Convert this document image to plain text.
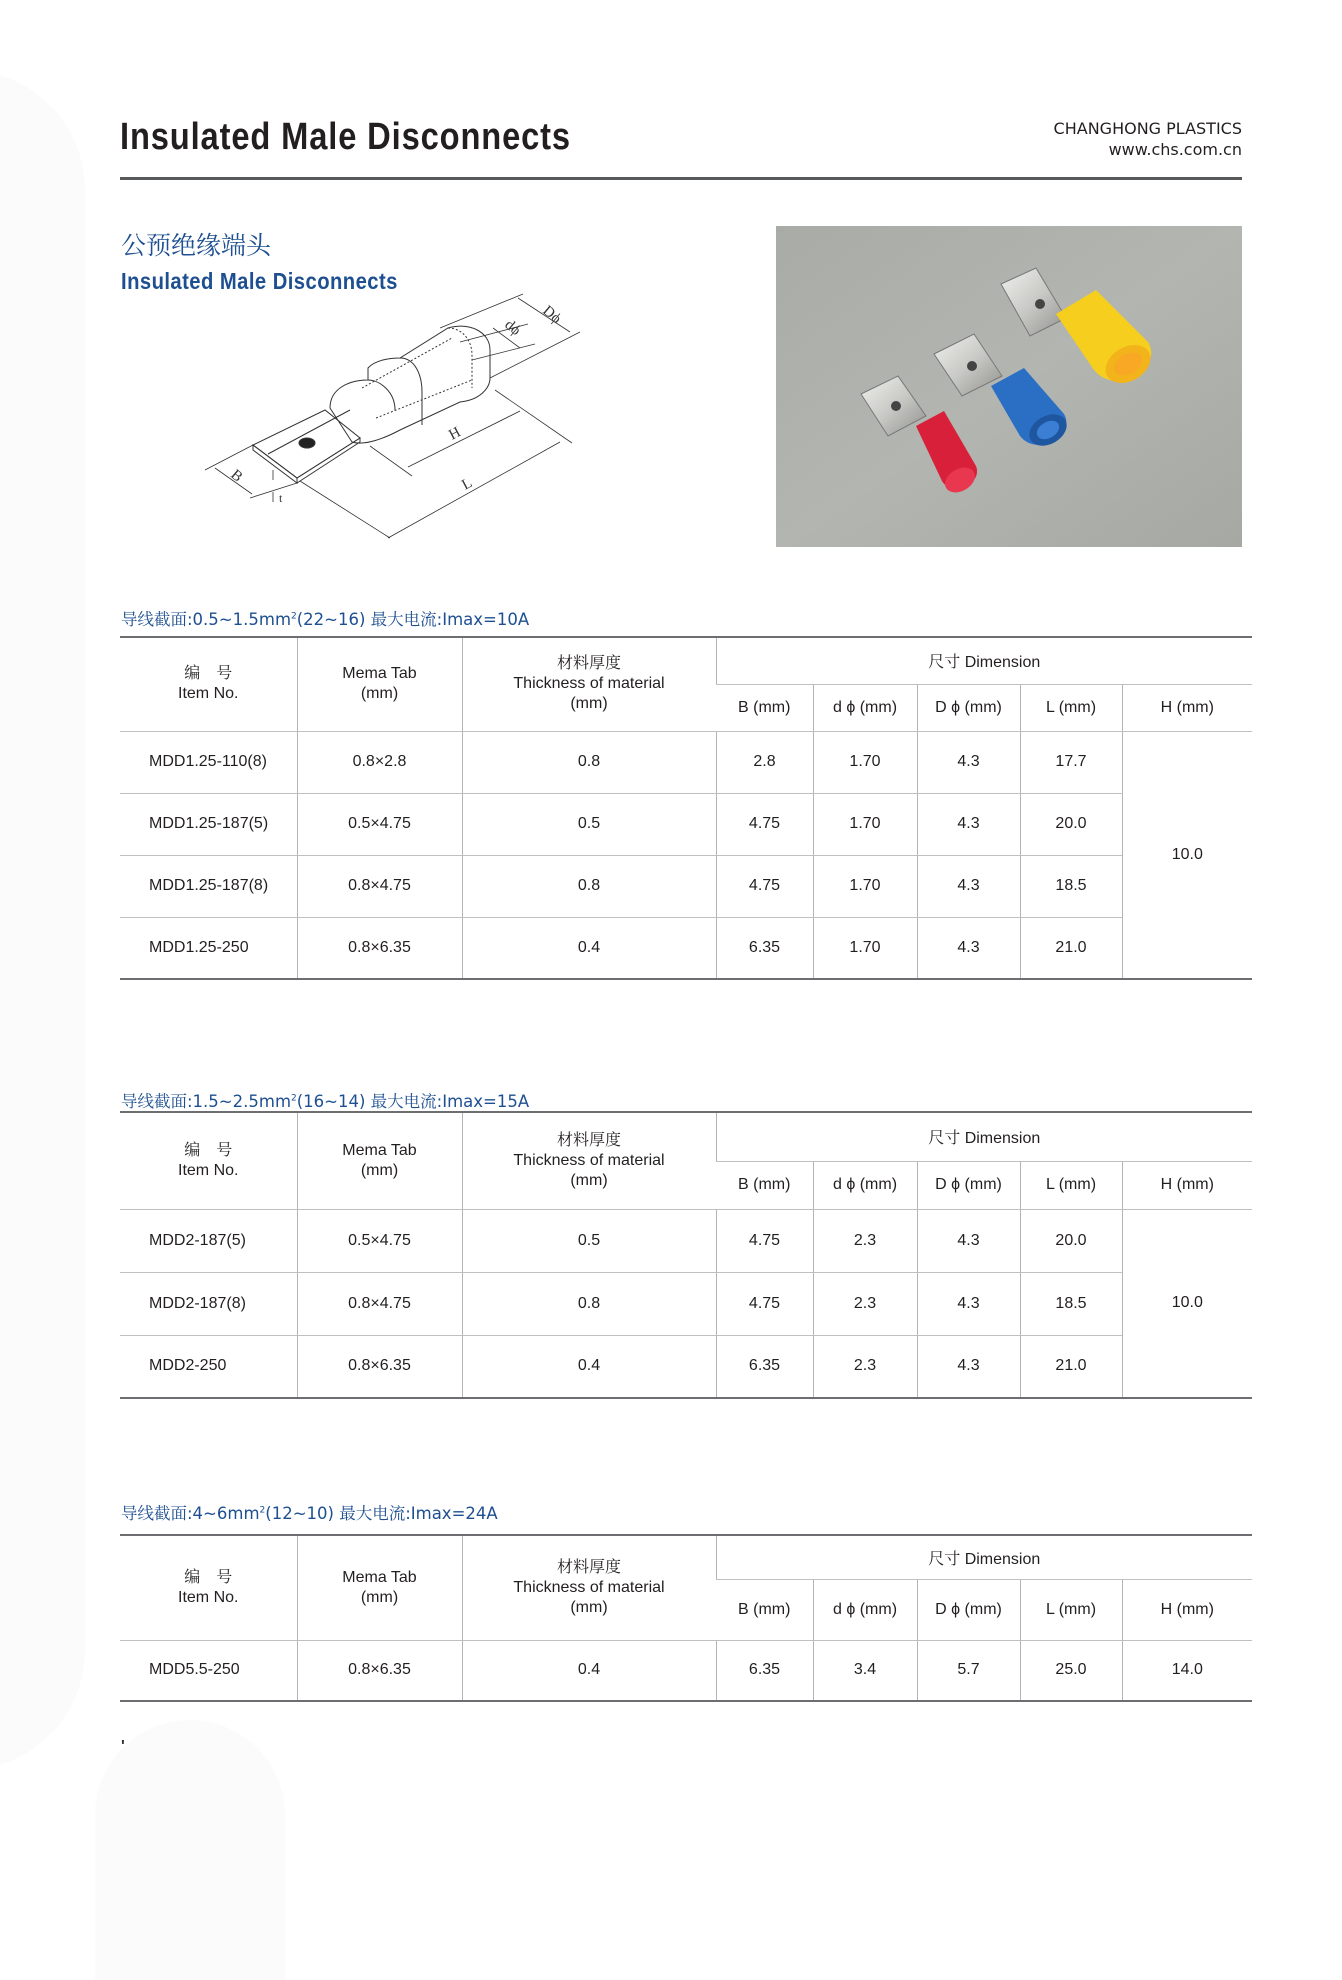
Insulated Male Disconnects	CHANGHONG PLASTICS
www.chs.com.cn
公预绝缘端头
Insulated Male Disconnects
Dϕ
dϕ
H
L
B
t
导线截面$:0.5\sim 1.5mm^2(22\sim 16)$ 最大电流:Imax=10A
编　号
Item No.	Mema Tab
(mm)	材料厚度
Thickness of material
(mm)	尺寸 Dimension				
			B (mm)	d ϕ (mm)	D ϕ (mm)	L (mm)	H (mm)
MDD1.25-110(8)	0.8×2.8	0.8	2.8	1.70	4.3	17.7	10.0
MDD1.25-187(5)	0.5×4.75	0.5	4.75	1.70	4.3	20.0	
MDD1.25-187(8)	0.8×4.75	0.8	4.75	1.70	4.3	18.5	
MDD1.25-250	0.8×6.35	0.4	6.35	1.70	4.3	21.0	
导线截面$:1.5\sim 2.5mm^2(16\sim 14)$ 最大电流:Imax=15A
编　号
Item No.	Mema Tab
(mm)	材料厚度
Thickness of material
(mm)	尺寸 Dimension				
			B (mm)	d ϕ (mm)	D ϕ (mm)	L (mm)	H (mm)
MDD2-187(5)	0.5×4.75	0.5	4.75	2.3	4.3	20.0	10.0
MDD2-187(8)	0.8×4.75	0.8	4.75	2.3	4.3	18.5	
MDD2-250	0.8×6.35	0.4	6.35	2.3	4.3	21.0	
导线截面$:4\sim 6mm^2(12\sim 10)$ 最大电流:Imax=24A
编　号
Item No.	Mema Tab
(mm)	材料厚度
Thickness of material
(mm)	尺寸 Dimension				
			B (mm)	d ϕ (mm)	D ϕ (mm)	L (mm)	H (mm)
MDD5.5-250	0.8×6.35	0.4	6.35	3.4	5.7	25.0	14.0
'
